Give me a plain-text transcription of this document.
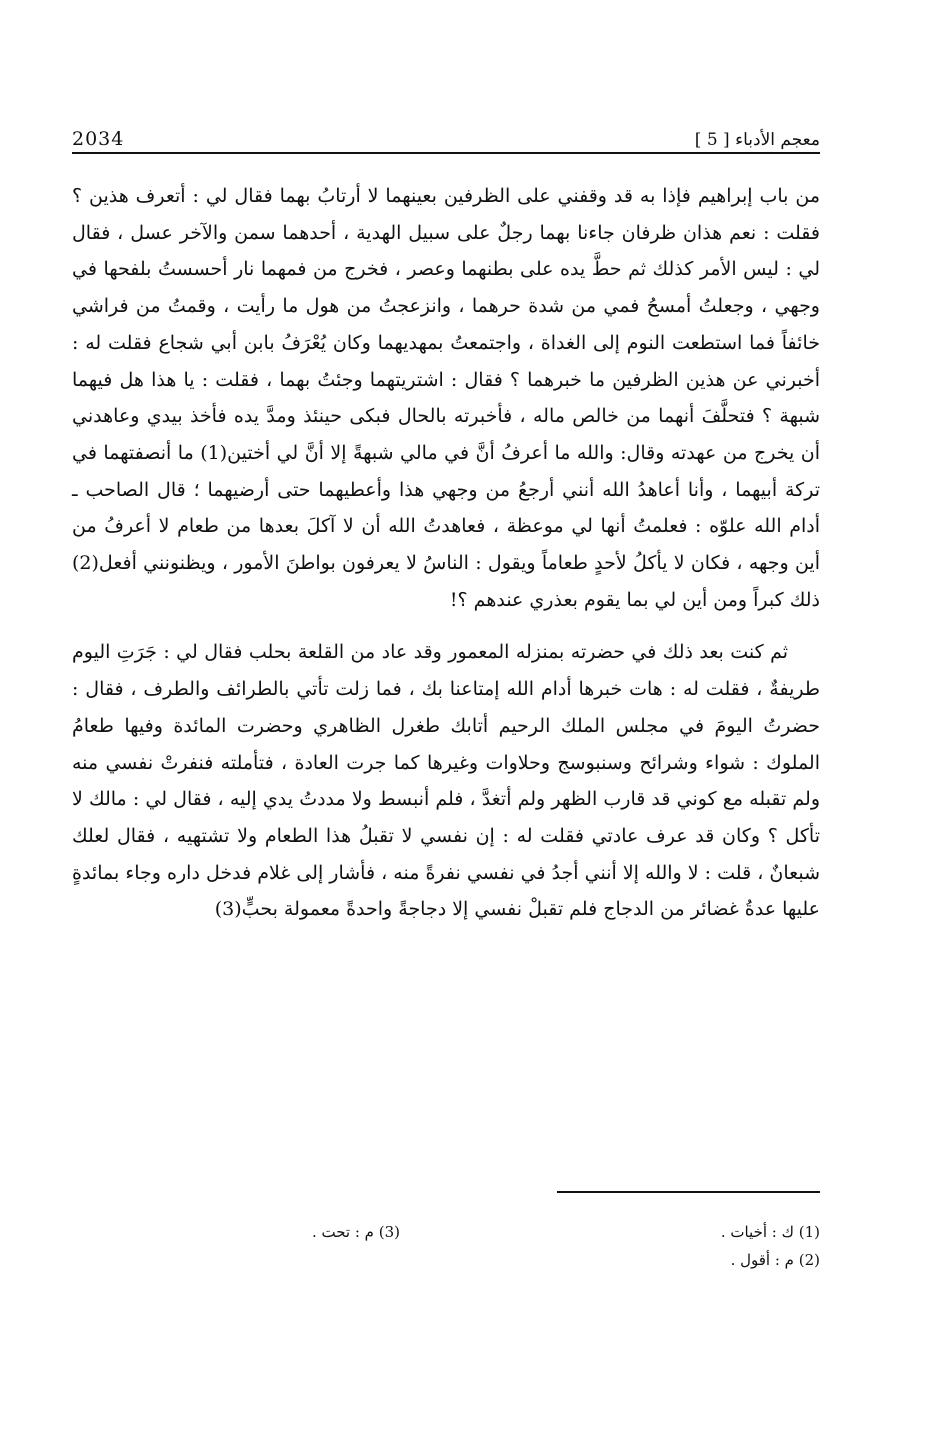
2034	معجم الأدباء [ 5 ]

من باب إبراهيم فإذا به قد وقفني على الظرفين بعينهما لا أرتابُ بهما فقال لي : أتعرف هذين ؟ فقلت : نعم هذان ظرفان جاءنا بهما رجلٌ على سبيل الهدية ، أحدهما سمن والآخر عسل ، فقال لي : ليس الأمر كذلك ثم حطَّ يده على بطنهما وعصر ، فخرج من فمهما نار أحسستُ بلفحها في وجهي ، وجعلتُ أمسحُ فمي من شدة حرهما ، وانزعجتُ من هول ما رأيت ، وقمتُ من فراشي خائفاً فما استطعت النوم إلى الغداة ، واجتمعتُ بمهديهما وكان يُعْرَفُ بابن أبي شجاع فقلت له : أخبرني عن هذين الظرفين ما خبرهما ؟ فقال : اشتريتهما وجئتُ بهما ، فقلت : يا هذا هل فيهما شبهة ؟ فتحلَّفَ أنهما من خالص ماله ، فأخبرته بالحال فبكى حينئذ ومدَّ يده فأخذ بيدي وعاهدني أن يخرج من عهدته وقال: والله ما أعرفُ أنَّ في مالي شبهةً إلا أنَّ لي أختين(1) ما أنصفتهما في تركة أبيهما ، وأنا أعاهدُ الله أنني أرجعُ من وجهي هذا وأعطيهما حتى أرضيهما ؛ قال الصاحب ـ أدام الله علوّه : فعلمتُ أنها لي موعظة ، فعاهدتُ الله أن لا آكلَ بعدها من طعام لا أعرفُ من أين وجهه ، فكان لا يأكلُ لأحدٍ طعاماً ويقول : الناسُ لا يعرفون بواطنَ الأمور ، ويظنونني أفعل(2) ذلك كبراً ومن أين لي بما يقوم بعذري عندهم ؟!

ثم كنت بعد ذلك في حضرته بمنزله المعمور وقد عاد من القلعة بحلب فقال لي : جَرَتِ اليوم طريفةٌ ، فقلت له : هات خبرها أدام الله إمتاعنا بك ، فما زلت تأتي بالطرائف والطرف ، فقال : حضرتُ اليومَ في مجلس الملك الرحيم أتابك طغرل الظاهري وحضرت المائدة وفيها طعامُ الملوك : شواء وشرائح وسنبوسج وحلاوات وغيرها كما جرت العادة ، فتأملته فنفرتْ نفسي منه ولم تقبله مع كوني قد قارب الظهر ولم أتغدَّ ، فلم أنبسط ولا مددتُ يدي إليه ، فقال لي : مالك لا تأكل ؟ وكان قد عرف عادتي فقلت له : إن نفسي لا تقبلُ هذا الطعام ولا تشتهيه ، فقال لعلك شبعانٌ ، قلت : لا والله إلا أنني أجدُ في نفسي نفرةً منه ، فأشار إلى غلام فدخل داره وجاء بمائدةٍ عليها عدةُ غضائر من الدجاج فلم تقبلْ نفسي إلا دجاجةً واحدةً معمولة بحبٍّ(3)

(1) ك : أخيات .
(3) م : تحت .
(2) م : أقول .
